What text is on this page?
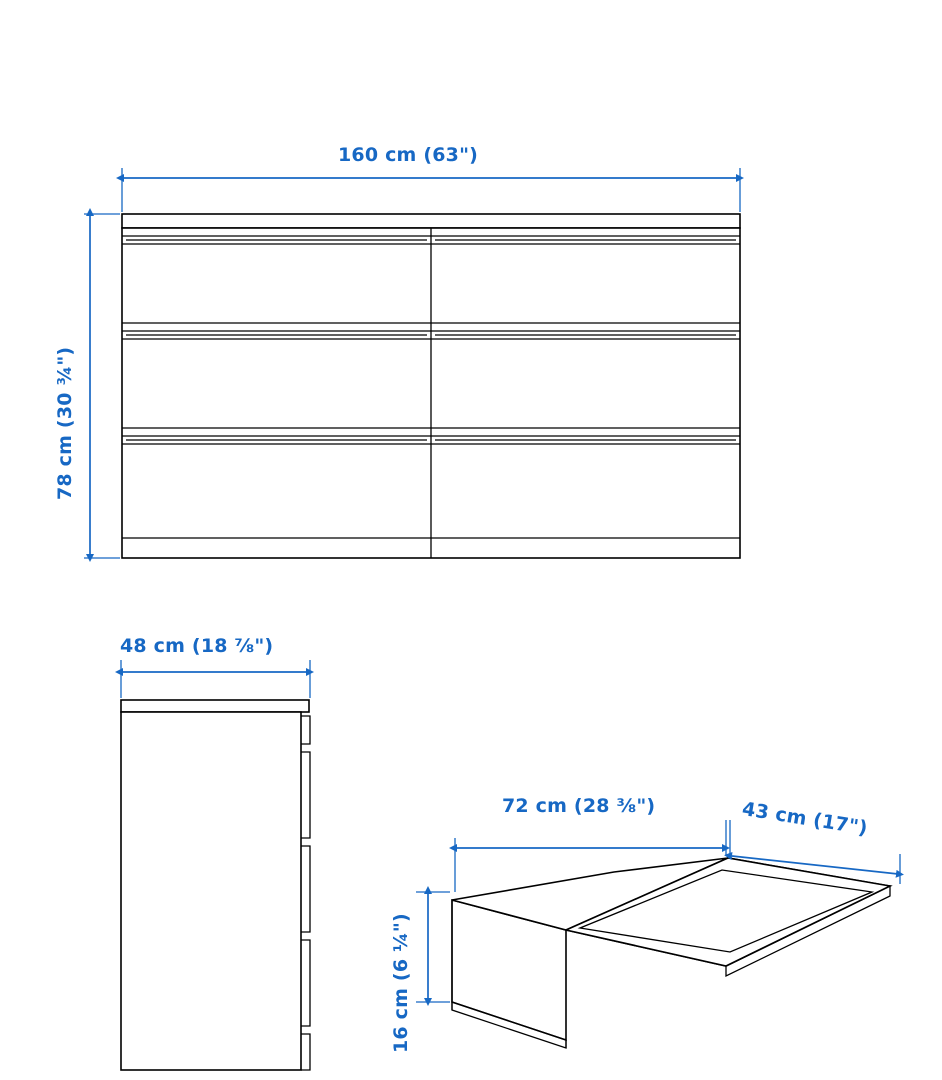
160 cm (63")
78 cm (30 ¾")
48 cm (18 ⅞")
72 cm (28 ⅜")	43 cm (17")
16 cm (6 ¼")
